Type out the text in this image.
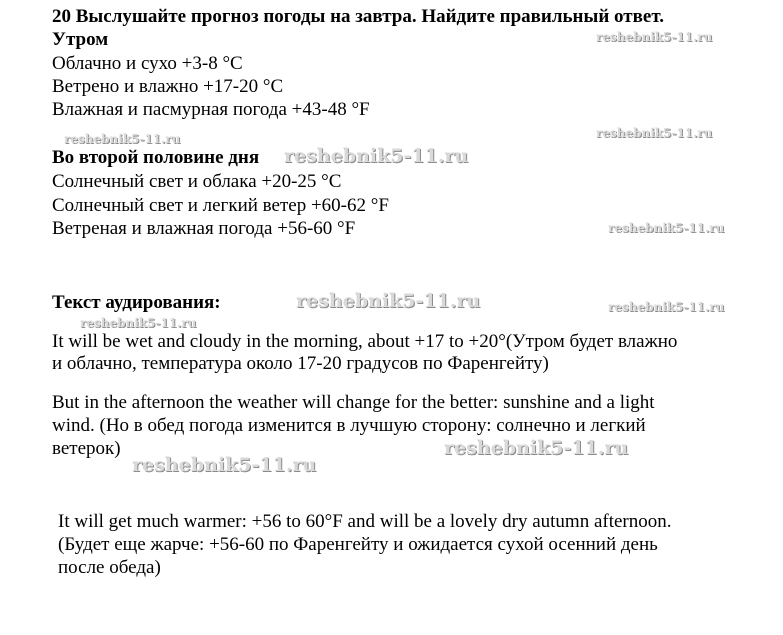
20 Выслушайте прогноз погоды на завтра. Найдите правильный ответ.
Утром
Облачно и сухо +3-8 °C
Ветрено и влажно +17-20 °C
Влажная и пасмурная погода +43-48 °F
Во второй половине дня
Солнечный свет и облака +20-25 °C
Солнечный свет и легкий ветер +60-62 °F
Ветреная и влажная погода +56-60 °F
Текст аудирования:
It will be wet and cloudy in the morning, about +17 to +20°(Утром будет влажно
и облачно, температура около 17-20 градусов по Фаренгейту)
But in the afternoon the weather will change for the better: sunshine and a light
wind. (Но в обед погода изменится в лучшую сторону: солнечно и легкий
ветерок)
It will get much warmer: +56 to 60°F and will be a lovely dry autumn afternoon.
(Будет еще жарче: +56-60 по Фаренгейту и ожидается сухой осенний день
после обеда)
reshebnik5-11.ru
reshebnik5-11.ru	reshebnik5-11.ru
reshebnik5-11.ru
reshebnik5-11.ru
reshebnik5-11.ru	reshebnik5-11.ru
reshebnik5-11.ru
reshebnik5-11.ru
reshebnik5-11.ru
